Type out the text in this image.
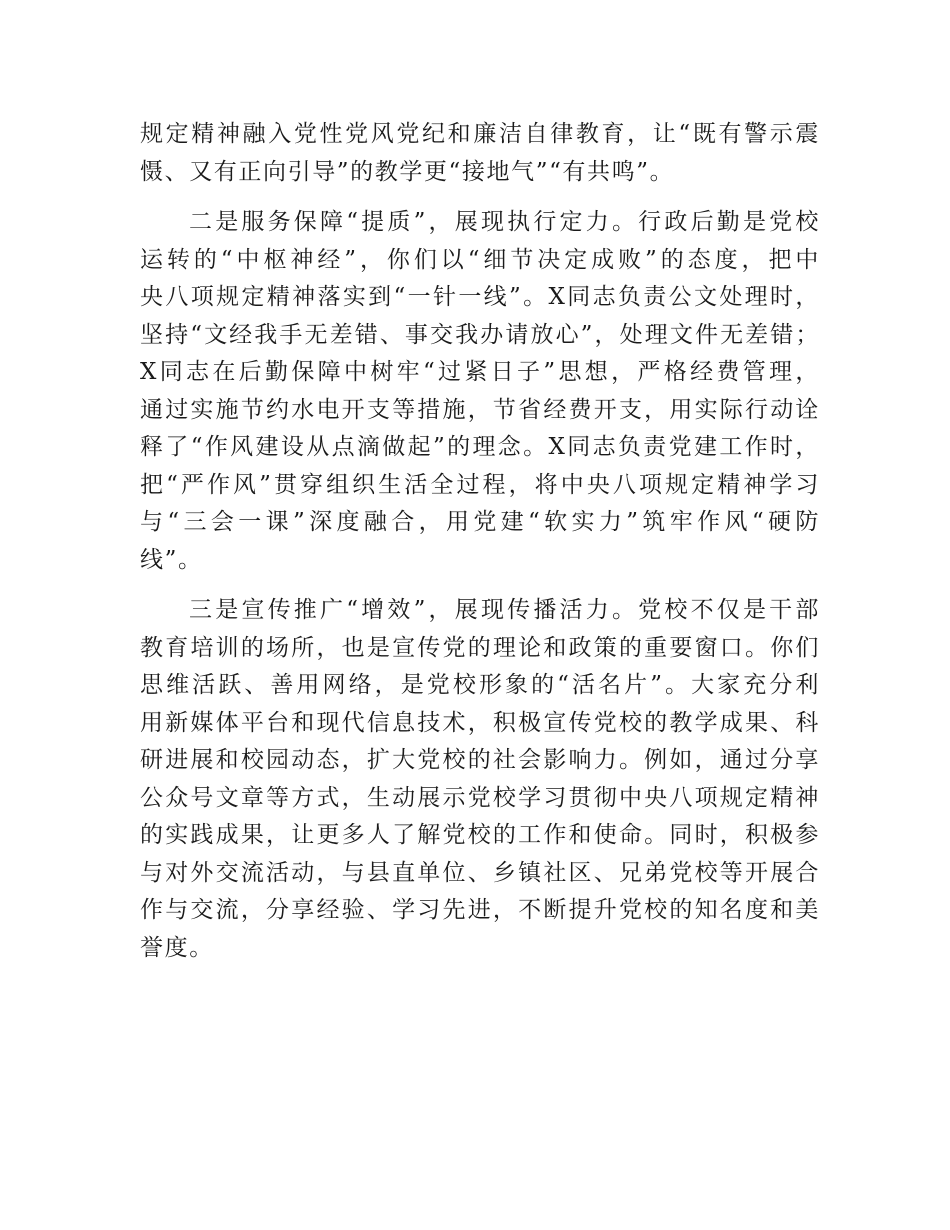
规定精神融入党性党风党纪和廉洁自律教育，让“既有警示震
慑、又有正向引导”的教学更“接地气”“有共鸣”。
二是服务保障“提质”，展现执行定力。行政后勤是党校
运转的“中枢神经”，你们以“细节决定成败”的态度，把中
央八项规定精神落实到“一针一线”。X同志负责公文处理时，
坚持“文经我手无差错、事交我办请放心”，处理文件无差错；
X同志在后勤保障中树牢“过紧日子”思想，严格经费管理，
通过实施节约水电开支等措施，节省经费开支，用实际行动诠
释了“作风建设从点滴做起”的理念。X同志负责党建工作时，
把“严作风”贯穿组织生活全过程，将中央八项规定精神学习
与“三会一课”深度融合，用党建“软实力”筑牢作风“硬防
线”。
三是宣传推广“增效”，展现传播活力。党校不仅是干部
教育培训的场所，也是宣传党的理论和政策的重要窗口。你们
思维活跃、善用网络，是党校形象的“活名片”。大家充分利
用新媒体平台和现代信息技术，积极宣传党校的教学成果、科
研进展和校园动态，扩大党校的社会影响力。例如，通过分享
公众号文章等方式，生动展示党校学习贯彻中央八项规定精神
的实践成果，让更多人了解党校的工作和使命。同时，积极参
与对外交流活动，与县直单位、乡镇社区、兄弟党校等开展合
作与交流，分享经验、学习先进，不断提升党校的知名度和美
誉度。
